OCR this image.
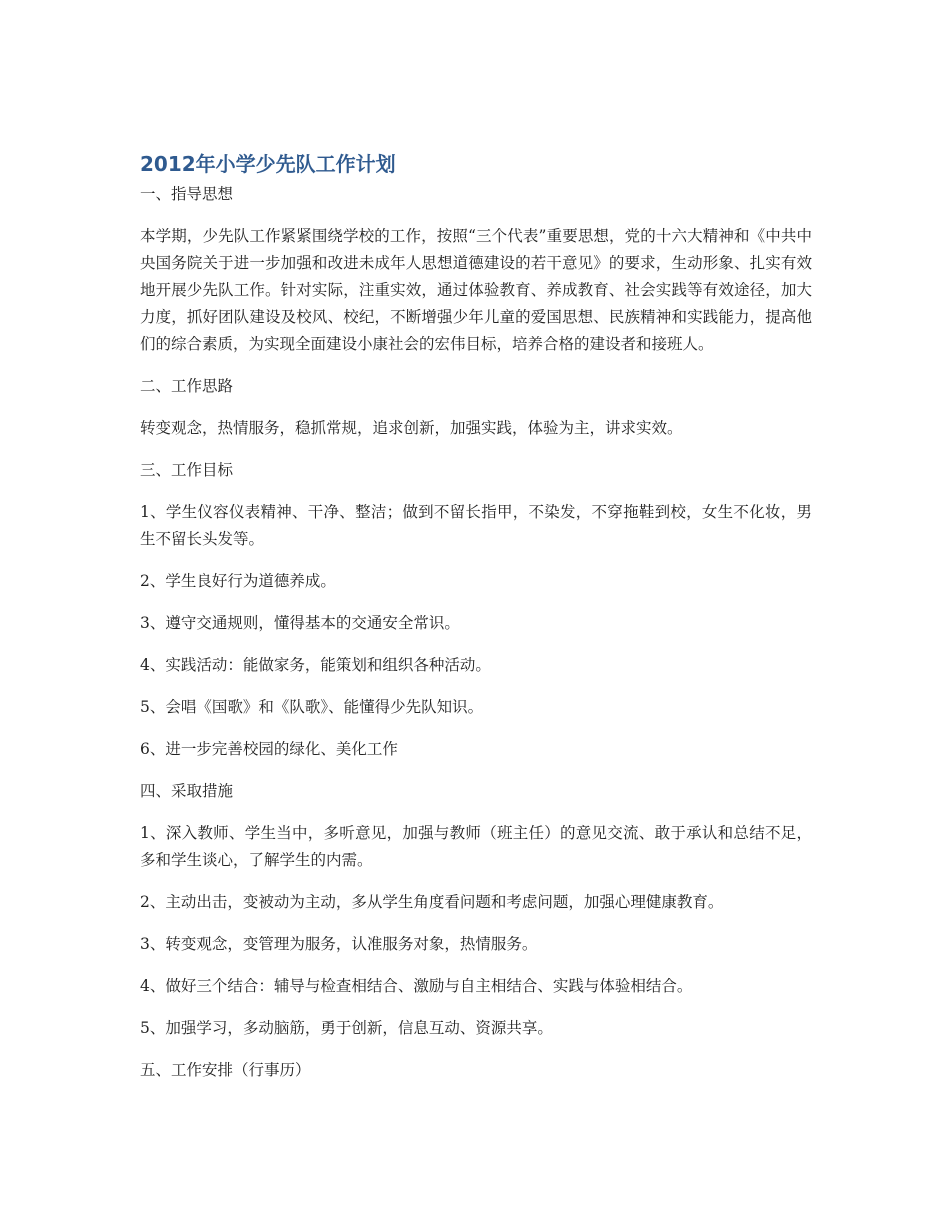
2012年小学少先队工作计划
一、指导思想
本学期，少先队工作紧紧围绕学校的工作，按照“三个代表”重要思想，党的十六大精神和《中共中央国务院关于进一步加强和改进未成年人思想道德建设的若干意见》的要求，生动形象、扎实有效地开展少先队工作。针对实际，注重实效，通过体验教育、养成教育、社会实践等有效途径，加大力度，抓好团队建设及校风、校纪，不断增强少年儿童的爱国思想、民族精神和实践能力，提高他们的综合素质，为实现全面建设小康社会的宏伟目标，培养合格的建设者和接班人。
二、工作思路
转变观念，热情服务，稳抓常规，追求创新，加强实践，体验为主，讲求实效。
三、工作目标
1、学生仪容仪表精神、干净、整洁；做到不留长指甲，不染发，不穿拖鞋到校，女生不化妆，男生不留长头发等。
2、学生良好行为道德养成。
3、遵守交通规则，懂得基本的交通安全常识。
4、实践活动：能做家务，能策划和组织各种活动。
5、会唱《国歌》和《队歌》、能懂得少先队知识。
6、进一步完善校园的绿化、美化工作
四、采取措施
1、深入教师、学生当中，多听意见，加强与教师（班主任）的意见交流、敢于承认和总结不足，多和学生谈心，了解学生的内需。
2、主动出击，变被动为主动，多从学生角度看问题和考虑问题，加强心理健康教育。
3、转变观念，变管理为服务，认准服务对象，热情服务。
4、做好三个结合：辅导与检查相结合、激励与自主相结合、实践与体验相结合。
5、加强学习，多动脑筋，勇于创新，信息互动、资源共享。
五、工作安排（行事历）
